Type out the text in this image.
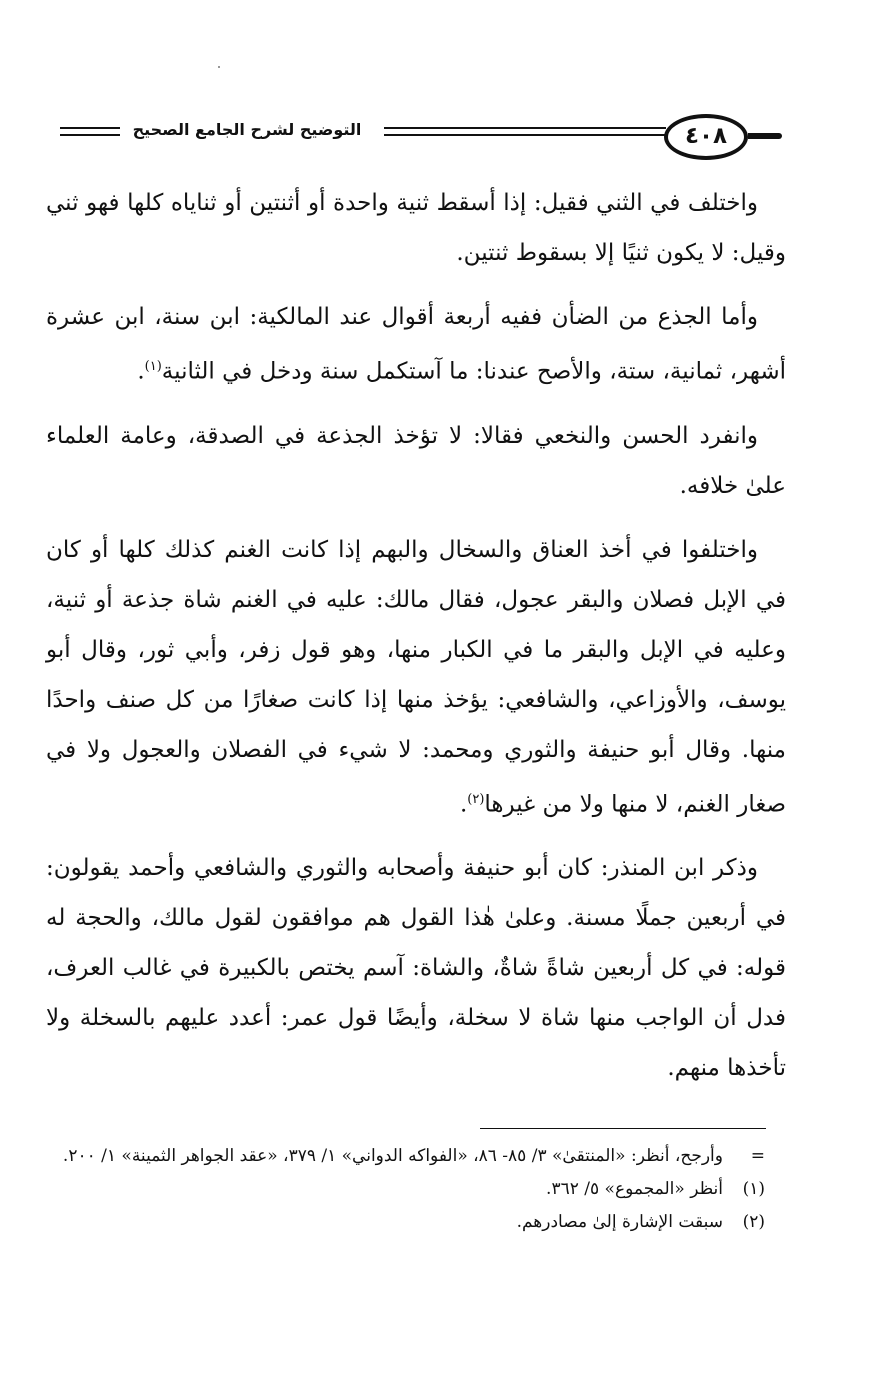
التوضيح لشرح الجامع الصحيح	٤٠٨

واختلف في الثني فقيل: إذا أسقط ثنية واحدة أو أثنتين أو ثناياه كلها فهو ثني وقيل: لا يكون ثنيًا إلا بسقوط ثنتين.

وأما الجذع من الضأن ففيه أربعة أقوال عند المالكية: ابن سنة، ابن عشرة أشهر، ثمانية، ستة، والأصح عندنا: ما آستكمل سنة ودخل في الثانية$^{(١)}$.

وانفرد الحسن والنخعي فقالا: لا تؤخذ الجذعة في الصدقة، وعامة العلماء علىٰ خلافه.

واختلفوا في أخذ العناق والسخال والبهم إذا كانت الغنم كذلك كلها أو كان في الإبل فصلان والبقر عجول، فقال مالك: عليه في الغنم شاة جذعة أو ثنية، وعليه في الإبل والبقر ما في الكبار منها، وهو قول زفر، وأبي ثور، وقال أبو يوسف، والأوزاعي، والشافعي: يؤخذ منها إذا كانت صغارًا من كل صنف واحدًا منها. وقال أبو حنيفة والثوري ومحمد: لا شيء في الفصلان والعجول ولا في صغار الغنم، لا منها ولا من غيرها$^{(٢)}$.

وذكر ابن المنذر: كان أبو حنيفة وأصحابه والثوري والشافعي وأحمد يقولون: في أربعين جملًا مسنة. وعلىٰ هٰذا القول هم موافقون لقول مالك، والحجة له قوله: في كل أربعين شاةً شاةٌ، والشاة: آسم يختص بالكبيرة في غالب العرف، فدل أن الواجب منها شاة لا سخلة، وأيضًا قول عمر: أعدد عليهم بالسخلة ولا تأخذها منهم.

=
وأرجح، أنظر: «المنتقىٰ» ٣/ ٨٥- ٨٦، «الفواكه الدواني» ١/ ٣٧٩، «عقد الجواهر الثمينة» ١/ ٢٠٠.
(١)
أنظر «المجموع» ٥/ ٣٦٢.
(٢)
سبقت الإشارة إلىٰ مصادرهم.
